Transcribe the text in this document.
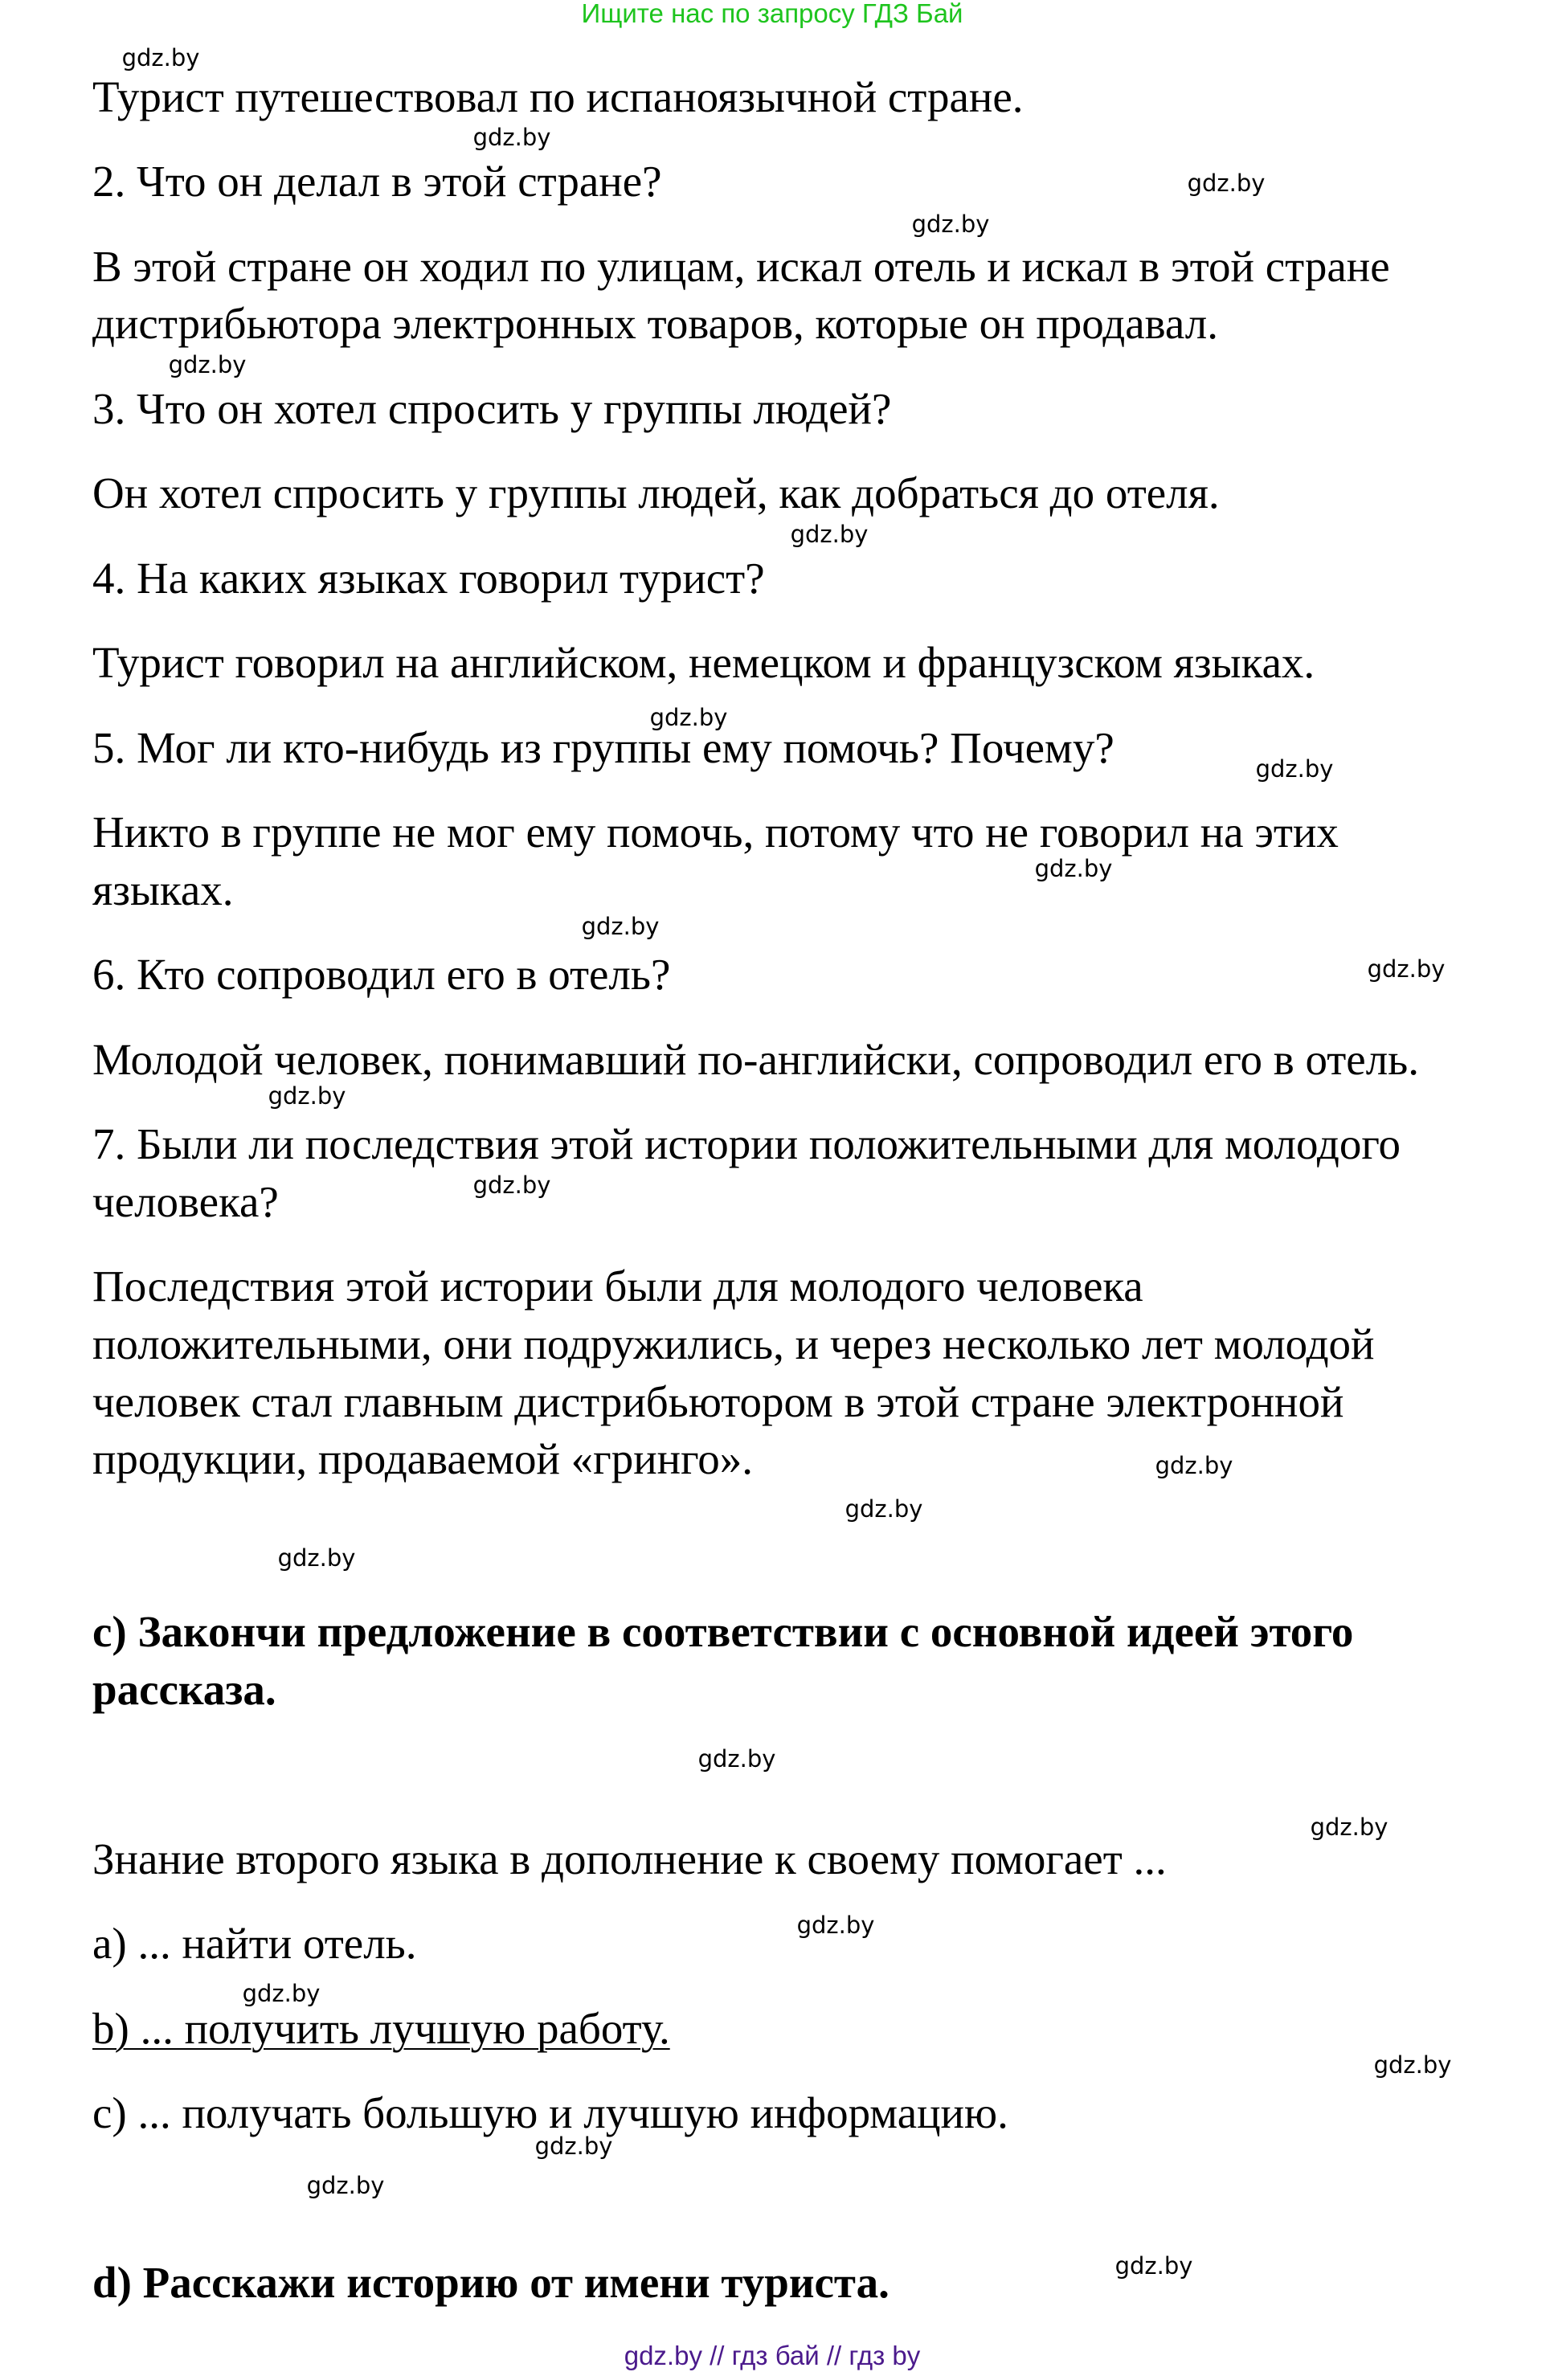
Ищите нас по запросу ГДЗ Бай
Турист путешествовал по испаноязычной стране.
2. Что он делал в этой стране?
В этой стране он ходил по улицам, искал отель и искал в этой стране
дистрибьютора электронных товаров, которые он продавал.
3. Что он хотел спросить у группы людей?
Он хотел спросить у группы людей, как добраться до отеля.
4. На каких языках говорил турист?
Турист говорил на английском, немецком и французском языках.
5. Мог ли кто-нибудь из группы ему помочь? Почему?
Никто в группе не мог ему помочь, потому что не говорил на этих
языках.
6. Кто сопроводил его в отель?
Молодой человек, понимавший по-английски, сопроводил его в отель.
7. Были ли последствия этой истории положительными для молодого
человека?
Последствия этой истории были для молодого человека
положительными, они подружились, и через несколько лет молодой
человек стал главным дистрибьютором в этой стране электронной
продукции, продаваемой «гринго».
c) Закончи предложение в соответствии с основной идеей этого
рассказа.
Знание второго языка в дополнение к своему помогает ...
a) ... найти отель.
b) ... получить лучшую работу.
c) ... получать большую и лучшую информацию.
d) Расскажи историю от имени туриста.
gdz.by
gdz.by
gdz.by
gdz.by
gdz.by
gdz.by
gdz.by
gdz.by
gdz.by
gdz.by
gdz.by
gdz.by
gdz.by
gdz.by
gdz.by
gdz.by
gdz.by
gdz.by
gdz.by
gdz.by
gdz.by
gdz.by
gdz.by
gdz.by
gdz.by // гдз бай // гдз by
